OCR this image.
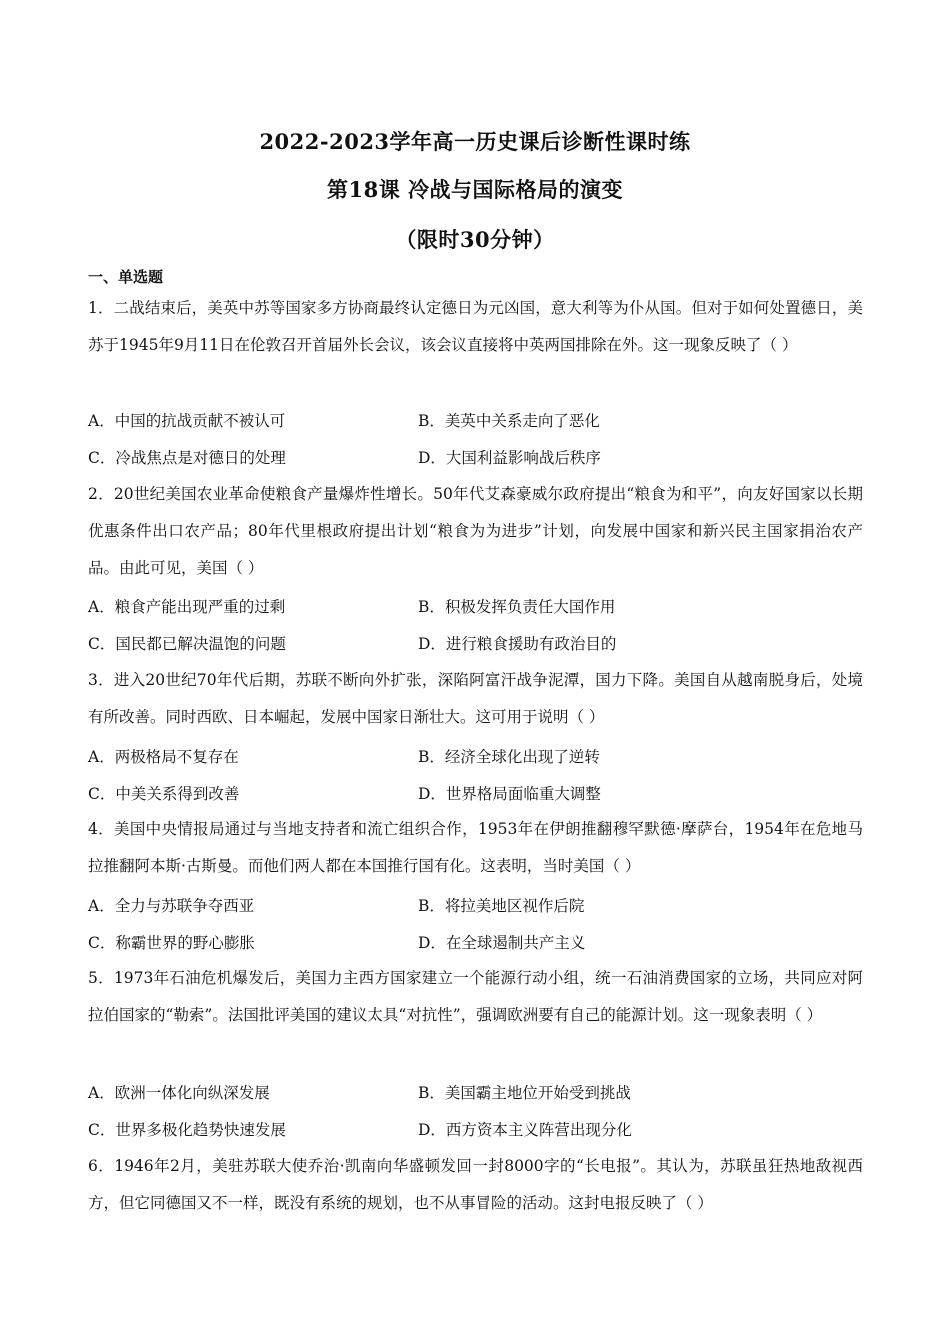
2022-2023学年高一历史课后诊断性课时练
第18课 冷战与国际格局的演变
（限时30分钟）
一、单选题
1．二战结束后，美英中苏等国家多方协商最终认定德日为元凶国，意大利等为仆从国。但对于如何处置德日，美苏于1945年9月11日在伦敦召开首届外长会议，该会议直接将中英两国排除在外。这一现象反映了（ ）
A．中国的抗战贡献不被认可	B．美英中关系走向了恶化
C．冷战焦点是对德日的处理	D．大国利益影响战后秩序
2．20世纪美国农业革命使粮食产量爆炸性增长。50年代艾森豪威尔政府提出“粮食为和平”，向友好国家以长期优惠条件出口农产品；80年代里根政府提出计划“粮食为为进步”计划，向发展中国家和新兴民主国家捐治农产品。由此可见，美国（ ）
A．粮食产能出现严重的过剩	B．积极发挥负责任大国作用
C．国民都已解决温饱的问题	D．进行粮食援助有政治目的
3．进入20世纪70年代后期，苏联不断向外扩张，深陷阿富汗战争泥潭，国力下降。美国自从越南脱身后，处境有所改善。同时西欧、日本崛起，发展中国家日渐壮大。这可用于说明（ ）
A．两极格局不复存在	B．经济全球化出现了逆转
C．中美关系得到改善	D．世界格局面临重大调整
4．美国中央情报局通过与当地支持者和流亡组织合作，1953年在伊朗推翻穆罕默德·摩萨台，1954年在危地马拉推翻阿本斯·古斯曼。而他们两人都在本国推行国有化。这表明，当时美国（ ）
A．全力与苏联争夺西亚	B．将拉美地区视作后院
C．称霸世界的野心膨胀	D．在全球遏制共产主义
5．1973年石油危机爆发后，美国力主西方国家建立一个能源行动小组，统一石油消费国家的立场，共同应对阿拉伯国家的“勒索”。法国批评美国的建议太具“对抗性”，强调欧洲要有自己的能源计划。这一现象表明（ ）
A．欧洲一体化向纵深发展	B．美国霸主地位开始受到挑战
C．世界多极化趋势快速发展	D．西方资本主义阵营出现分化
6．1946年2月，美驻苏联大使乔治·凯南向华盛顿发回一封8000字的“长电报”。其认为，苏联虽狂热地敌视西方，但它同德国又不一样，既没有系统的规划，也不从事冒险的活动。这封电报反映了（ ）
